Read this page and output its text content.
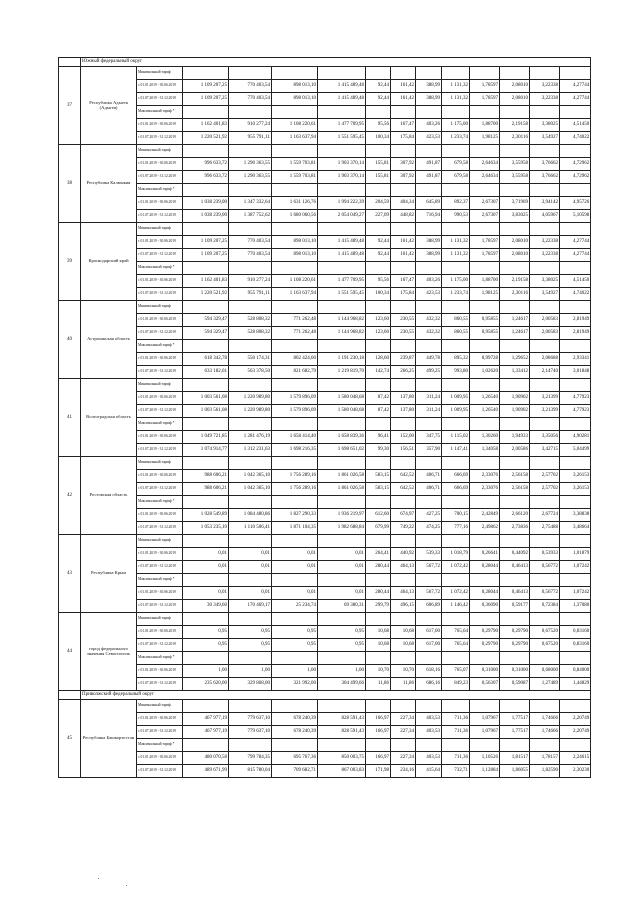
	Южный федеральный округ													
37	Республика Адыгея (Адыгея)	Минимальный тариф												
		с 01.01.2019 - 30.06.2019	1 109 207,25	770 403,54	898 013,10	1 415 489,48	92,44	161,42	388,99	1 131,32	1,78597	2,08010	3,22338	4,27744
		с 01.07.2019 - 31.12.2019	1 109 207,25	770 403,54	898 013,10	1 415 489,48	92,44	161,42	388,99	1 131,32	1,78597	2,08010	3,22338	4,27744
		Максимальный тариф *												
		с 01.01.2019 - 30.06.2019	1 162 401,83	910 277,24	1 108 220,61	1 477 709,95	95,56	167,47	403,26	1 175,00	1,88700	2,19158	3,38025	4,51450
		с 01.07.2019 - 31.12.2019	1 220 521,92	955 791,11	1 163 637,94	1 551 595,45	100,34	175,84	423,53	1 233,74	1,98125	2,30116	3,54927	4,74022
38	Республика Калмыкия	Минимальный тариф												
		с 01.01.2019 - 30.06.2019	996 633,72	1 290 363,55	1 559 703,81	1 903 370,14	155,81	307,92	491,87	679,58	2,64634	3,55958	3,76662	4,72962
		с 01.07.2019 - 31.12.2019	996 633,72	1 290 363,55	1 559 703,81	1 903 370,14	155,81	307,92	491,87	679,58	2,64634	3,55958	3,76662	4,72962
		Максимальный тариф *												
		с 01.01.2019 - 30.06.2019	1 038 239,00	1 347 332,64	1 631 126,76	1 994 222,39	204,59	404,34	645,89	892,37	2,67307	3,71969	3,94142	4,95726
		с 01.07.2019 - 31.12.2019	1 038 239,00	1 387 752,62	1 680 060,56	2 054 049,27	227,09	448,82	716,94	990,53	2,67307	3,83025	4,05967	5,10598
39	Краснодарский край	Минимальный тариф												
		с 01.01.2019 - 30.06.2019	1 109 207,25	770 403,54	898 013,10	1 415 489,48	92,44	161,42	388,99	1 131,32	1,78597	2,08010	3,22338	4,27744
		с 01.07.2019 - 31.12.2019	1 109 207,25	770 403,54	898 013,10	1 415 489,48	92,44	161,42	388,99	1 131,32	1,78597	2,08010	3,22338	4,27744
		Максимальный тариф *												
		с 01.01.2019 - 30.06.2019	1 162 401,83	910 277,24	1 108 220,61	1 477 709,95	95,56	167,47	403,26	1 175,00	1,88700	2,19158	3,38025	4,51450
		с 01.07.2019 - 31.12.2019	1 220 521,92	955 791,11	1 163 637,94	1 551 595,45	100,34	175,84	423,53	1 233,74	1,98125	2,30116	3,54927	4,74022
40	Астраханская область	Минимальный тариф												
		с 01.01.2019 - 30.06.2019	594 329,47	528 808,32	771 262,48	1 144 968,82	123,60	230,55	432,32	860,55	0,95855	1,24617	2,00583	2,81949
		с 01.07.2019 - 31.12.2019	594 329,47	528 808,32	771 262,48	1 144 968,82	123,60	230,55	432,32	860,55	0,95855	1,24617	2,00583	2,81949
		Максимальный тариф *												
		с 01.01.2019 - 30.06.2019	618 342,78	550 174,31	802 424,60	1 191 230,18	128,60	239,87	449,78	895,32	0,99728	1,29652	2,08688	2,93341
		с 01.07.2019 - 31.12.2019	633 182,01	563 378,50	821 682,79	1 219 819,70	142,74	266,25	499,25	993,80	1,02620	1,33412	2,14740	3,01848
41	Волгоградская область	Минимальный тариф												
		с 01.01.2019 - 30.06.2019	1 003 561,08	1 220 989,80	1 579 896,09	1 580 048,68	87,42	137,80	311,24	1 009,95	1,26540	1,90902	3,21399	4,77923
		с 01.07.2019 - 31.12.2019	1 003 561,08	1 220 989,80	1 579 896,09	1 580 048,68	87,42	137,80	311,24	1 009,95	1,26540	1,90902	3,21399	4,77923
		Максимальный тариф *												
		с 01.01.2019 - 30.06.2019	1 049 721,85	1 281 476,19	1 658 414,40	1 658 839,36	96,41	152,00	347,75	1 115,02	1,30260	1,94933	3,35056	4,90281
		с 01.07.2019 - 31.12.2019	1 074 914,77	1 312 231,63	1 698 216,35	1 698 651,02	99,30	156,51	357,90	1 147,41	1,34058	2,00586	3,42715	5,04499
42	Ростовская область	Минимальный тариф												
		с 01.01.2019 - 30.06.2019	988 606,21	1 042 365,10	1 756 289,16	1 861 026,58	583,15	642,52	406,71	666,69	2,33076	2,56158	2,57702	3,26153
		с 01.07.2019 - 31.12.2019	988 606,21	1 042 365,10	1 756 289,16	1 861 026,58	583,15	642,52	406,71	666,69	2,33076	2,56158	2,57702	3,26153
		Максимальный тариф *												
		с 01.01.2019 - 30.06.2019	1 028 549,89	1 084 480,86	1 827 290,33	1 936 219,97	612,60	674,97	427,25	700,15	2,42849	2,66120	2,67724	3,38838
		с 01.07.2019 - 31.12.2019	1 053 235,10	1 110 506,41	1 871 104,35	1 982 688,84	679,99	749,22	474,25	777,16	2,49862	2,73836	2,75488	3,48664
43	Республика Крым	Минимальный тариф												
		с 01.01.2019 - 30.06.2019	0,01	0,01	0,01	0,01	264,41	440,92	539,33	1 018,79	0,26641	0,44092	0,53933	1,01879
		с 01.07.2019 - 31.12.2019	0,01	0,01	0,01	0,01	280,44	464,13	567,72	1 072,42	0,28044	0,46413	0,56772	1,07242
		Максимальный тариф *												
		с 01.01.2019 - 30.06.2019	0,01	0,01	0,01	0,01	280,44	464,13	567,72	1 072,42	0,28044	0,46413	0,56772	1,07242
		с 01.07.2019 - 31.12.2019	30 349,60	170 469,17	25 234,74	69 380,31	299,79	496,15	606,89	1 146,42	0,36090	0,59177	0,72384	1,37080
44	город федерального значения Севастополь	Минимальный тариф												
		с 01.01.2019 - 30.06.2019	0,95	0,95	0,95	0,95	10,68	10,68	617,00	765,64	0,29790	0,29790	0,67520	0,83160
		с 01.07.2019 - 31.12.2019	0,95	0,95	0,95	0,95	10,68	10,68	617,00	765,64	0,29790	0,29790	0,67520	0,83160
		Максимальный тариф *												
		с 01.01.2019 - 30.06.2019	1,00	1,00	1,00	1,00	10,70	10,70	618,16	765,07	0,31000	0,31000	0,68000	0,84000
		с 01.07.2019 - 31.12.2019	235 620,00	329 868,00	321 992,00	304 499,66	11,86	11,86	686,16	849,23	0,56307	0,59087	1,27489	1,44829
	Приволжский федеральный округ													
45	Республика Башкортостан	Минимальный тариф												
		с 01.01.2019 - 30.06.2019	467 977,19	779 637,10	678 240,39	828 591,43	166,97	227,34	403,53	711,36	1,07967	1,77517	1,74666	2,20749
		с 01.07.2019 - 31.12.2019	467 977,19	779 637,10	678 240,39	828 591,43	166,97	227,34	403,53	711,36	1,07967	1,77517	1,74666	2,20749
		Максимальный тариф *												
		с 01.01.2019 - 30.06.2019	480 070,58	799 784,35	695 767,36	850 003,75	166,97	227,34	403,53	711,36	1,10526	1,81517	1,78157	2,24615
		с 01.07.2019 - 31.12.2019	489 671,99	815 780,04	709 682,71	867 003,83	171,98	234,16	415,64	732,71	1,12884	1,86055	1,82590	2,30230
